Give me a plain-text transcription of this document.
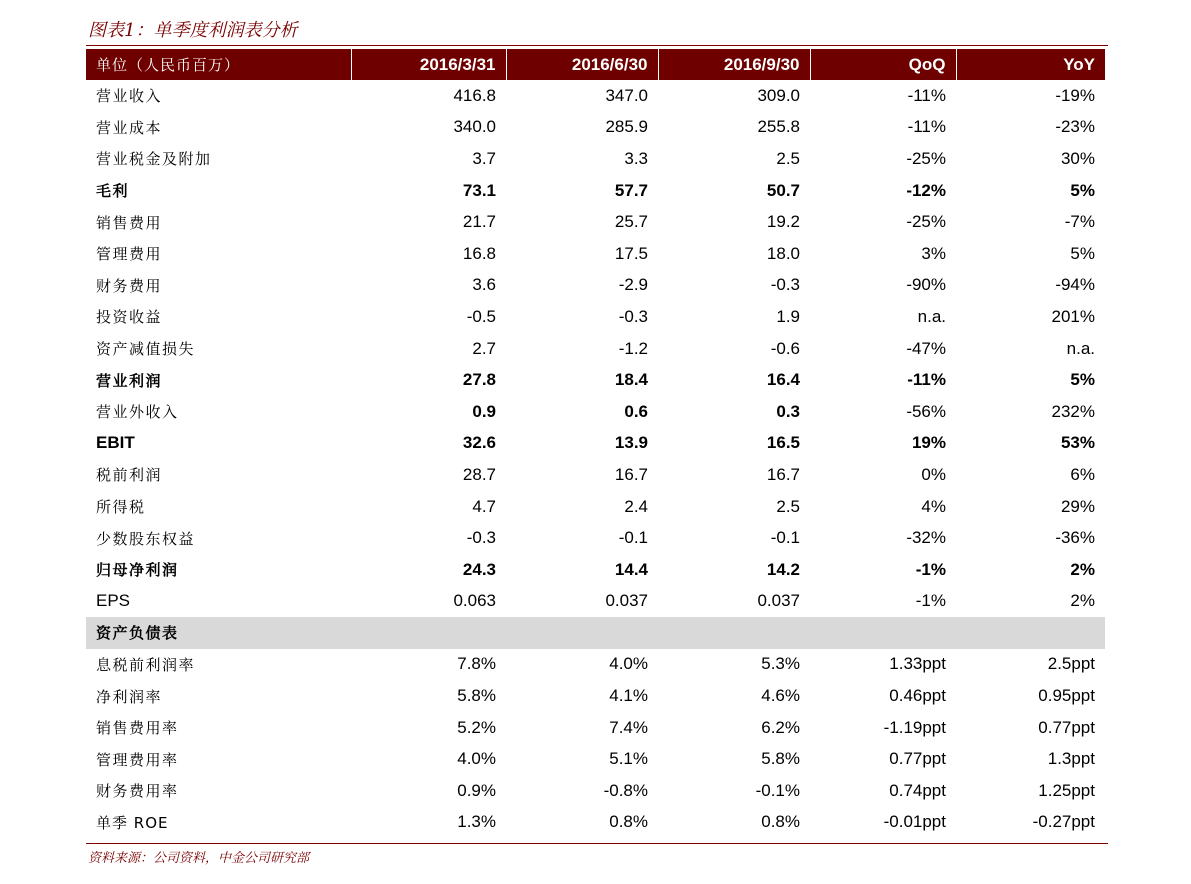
图表1：单季度利润表分析
单位（人民币百万）	2016/3/31	2016/6/30	2016/9/30	QoQ	YoY
营业收入	416.8	347.0	309.0	-11%	-19%
营业成本	340.0	285.9	255.8	-11%	-23%
营业税金及附加	3.7	3.3	2.5	-25%	30%
毛利	73.1	57.7	50.7	-12%	5%
销售费用	21.7	25.7	19.2	-25%	-7%
管理费用	16.8	17.5	18.0	3%	5%
财务费用	3.6	-2.9	-0.3	-90%	-94%
投资收益	-0.5	-0.3	1.9	n.a.	201%
资产减值损失	2.7	-1.2	-0.6	-47%	n.a.
营业利润	27.8	18.4	16.4	-11%	5%
营业外收入	0.9	0.6	0.3	-56%	232%
EBIT	32.6	13.9	16.5	19%	53%
税前利润	28.7	16.7	16.7	0%	6%
所得税	4.7	2.4	2.5	4%	29%
少数股东权益	-0.3	-0.1	-0.1	-32%	-36%
归母净利润	24.3	14.4	14.2	-1%	2%
EPS	0.063	0.037	0.037	-1%	2%
资产负债表					
息税前利润率	7.8%	4.0%	5.3%	1.33ppt	2.5ppt
净利润率	5.8%	4.1%	4.6%	0.46ppt	0.95ppt
销售费用率	5.2%	7.4%	6.2%	-1.19ppt	0.77ppt
管理费用率	4.0%	5.1%	5.8%	0.77ppt	1.3ppt
财务费用率	0.9%	-0.8%	-0.1%	0.74ppt	1.25ppt
单季 ROE	1.3%	0.8%	0.8%	-0.01ppt	-0.27ppt
资料来源：公司资料，中金公司研究部
